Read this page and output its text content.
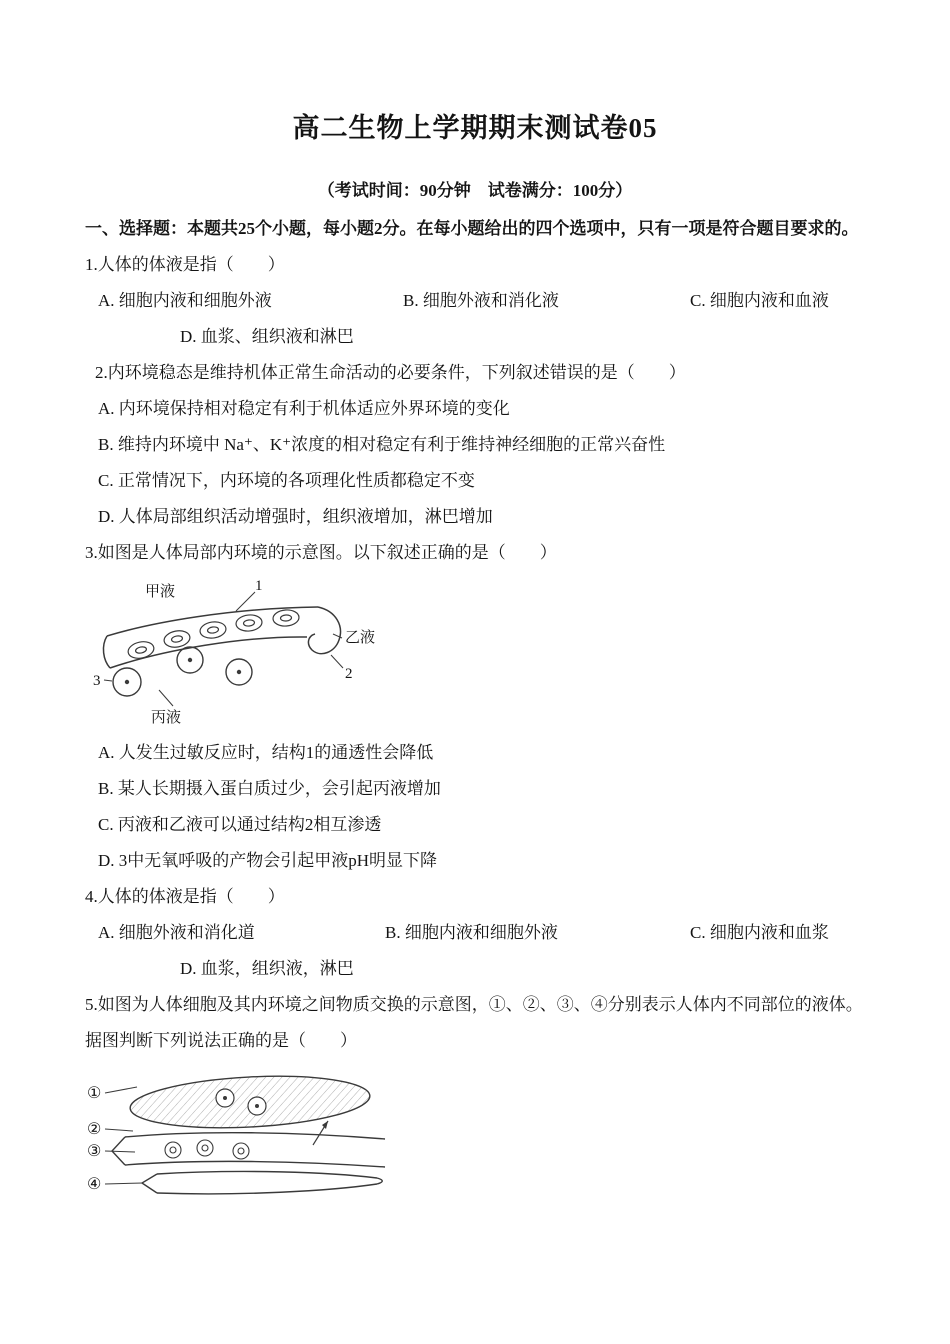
高二生物上学期期末测试卷05
（考试时间：90分钟　试卷满分：100分）
一、选择题：本题共25个小题，每小题2分。在每小题给出的四个选项中，只有一项是符合题目要求的。
1.人体的体液是指（　　）
A. 细胞内液和细胞外液	B. 细胞外液和消化液	C. 细胞内液和血液
D. 血浆、组织液和淋巴
2.内环境稳态是维持机体正常生命活动的必要条件，下列叙述错误的是（　　）
A. 内环境保持相对稳定有利于机体适应外界环境的变化
B. 维持内环境中 Na⁺、K⁺浓度的相对稳定有利于维持神经细胞的正常兴奋性
C. 正常情况下，内环境的各项理化性质都稳定不变
D. 人体局部组织活动增强时，组织液增加，淋巴增加
3.如图是人体局部内环境的示意图。以下叙述正确的是（　　）
甲液	1
乙液
2
3
丙液
A. 人发生过敏反应时，结构1的通透性会降低
B. 某人长期摄入蛋白质过少，会引起丙液增加
C. 丙液和乙液可以通过结构2相互渗透
D. 3中无氧呼吸的产物会引起甲液pH明显下降
4.人体的体液是指（　　）
A. 细胞外液和消化道	B. 细胞内液和细胞外液	C. 细胞内液和血浆
D. 血浆，组织液，淋巴
5.如图为人体细胞及其内环境之间物质交换的示意图，①、②、③、④分别表示人体内不同部位的液体。据图判断下列说法正确的是（　　）
①
②
③
④
